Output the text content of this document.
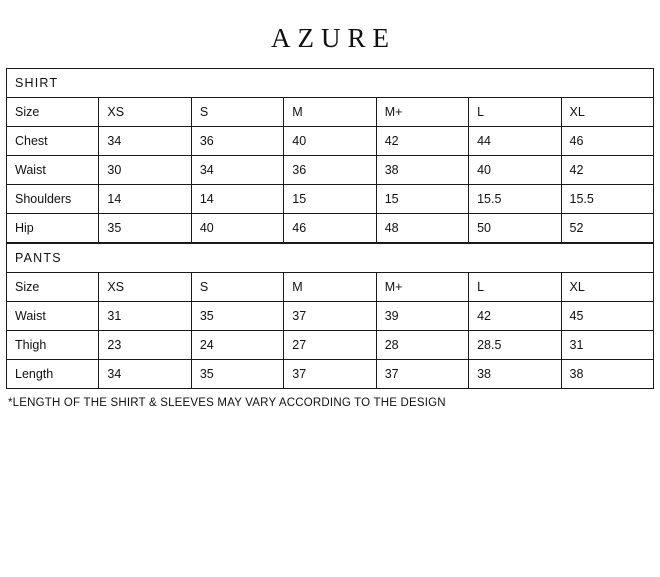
AZURE
SHIRT						
Size	XS	S	M	M+	L	XL
Chest	34	36	40	42	44	46
Waist	30	34	36	38	40	42
Shoulders	14	14	15	15	15.5	15.5
Hip	35	40	46	48	50	52
PANTS						
Size	XS	S	M	M+	L	XL
Waist	31	35	37	39	42	45
Thigh	23	24	27	28	28.5	31
Length	34	35	37	37	38	38
*LENGTH OF THE SHIRT & SLEEVES MAY VARY ACCORDING TO THE DESIGN
